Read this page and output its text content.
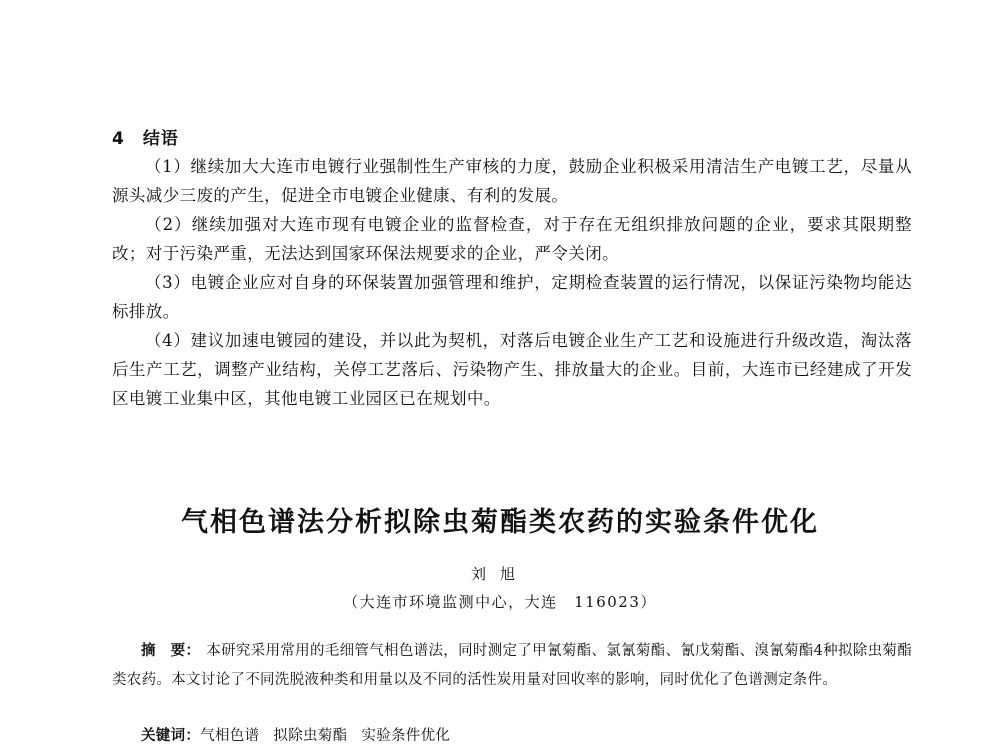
4 结语

（1）继续加大大连市电镀行业强制性生产审核的力度，鼓励企业积极采用清洁生产电镀工艺，尽量从源头减少三废的产生，促进全市电镀企业健康、有利的发展。

（2）继续加强对大连市现有电镀企业的监督检查，对于存在无组织排放问题的企业，要求其限期整改；对于污染严重，无法达到国家环保法规要求的企业，严令关闭。

（3）电镀企业应对自身的环保装置加强管理和维护，定期检查装置的运行情况，以保证污染物均能达标排放。

（4）建议加速电镀园的建设，并以此为契机，对落后电镀企业生产工艺和设施进行升级改造，淘汰落后生产工艺，调整产业结构，关停工艺落后、污染物产生、排放量大的企业。目前，大连市已经建成了开发区电镀工业集中区，其他电镀工业园区已在规划中。

气相色谱法分析拟除虫菊酯类农药的实验条件优化
刘旭
（大连市环境监测中心，大连　116023）

摘　要： 本研究采用常用的毛细管气相色谱法，同时测定了甲氰菊酯、氯氰菊酯、氰戊菊酯、溴氰菊酯4种拟除虫菊酯类农药。本文讨论了不同洗脱液种类和用量以及不同的活性炭用量对回收率的影响，同时优化了色谱测定条件。

关键词：气相色谱 拟除虫菊酯 实验条件优化
